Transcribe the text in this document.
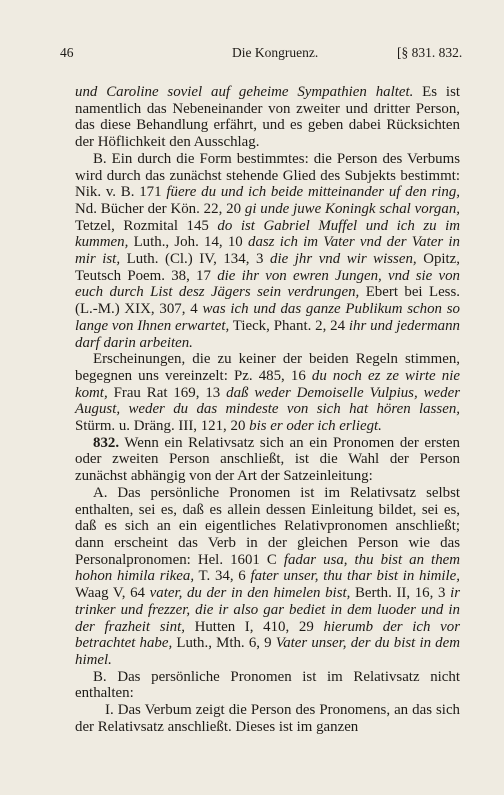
46	Die Kongruenz.	[§ 831. 832.

und Caroline soviel auf geheime Sympathien haltet. Es ist namentlich das Nebeneinander von zweiter und dritter Person, das diese Behandlung erfährt, und es geben dabei Rücksichten der Höflichkeit den Ausschlag.

B. Ein durch die Form bestimmtes: die Person des Verbums wird durch das zunächst stehende Glied des Subjekts bestimmt: Nik. v. B. 171 füere du und ich beide mitteinander uf den ring, Nd. Bücher der Kön. 22, 20 gi unde juwe Koningk schal vorgan, Tetzel, Rozmital 145 do ist Gabriel Muffel und ich zu im kummen, Luth., Joh. 14, 10 dasz ich im Vater vnd der Vater in mir ist, Luth. (Cl.) IV, 134, 3 die jhr vnd wir wissen, Opitz, Teutsch Poem. 38, 17 die ihr von ewren Jungen, vnd sie von euch durch List desz Jägers sein verdrungen, Ebert bei Less. (L.-M.) XIX, 307, 4 was ich und das ganze Publikum schon so lange von Ihnen erwartet, Tieck, Phant. 2, 24 ihr und jedermann darf darin arbeiten.

Erscheinungen, die zu keiner der beiden Regeln stimmen, begegnen uns vereinzelt: Pz. 485, 16 du noch ez ze wirte nie komt, Frau Rat 169, 13 daß weder Demoiselle Vulpius, weder August, weder du das mindeste von sich hat hören lassen, Stürm. u. Dräng. III, 121, 20 bis er oder ich erliegt.

832. Wenn ein Relativsatz sich an ein Pronomen der ersten oder zweiten Person anschließt, ist die Wahl der Person zunächst abhängig von der Art der Satzeinleitung:

A. Das persönliche Pronomen ist im Relativsatz selbst enthalten, sei es, daß es allein dessen Einleitung bildet, sei es, daß es sich an ein eigentliches Relativpronomen anschließt; dann erscheint das Verb in der gleichen Person wie das Personalpronomen: Hel. 1601 C fadar usa, thu bist an them hohon himila rikea, T. 34, 6 fater unser, thu thar bist in himile, Waag V, 64 vater, du der in den himelen bist, Berth. II, 16, 3 ir trinker und frezzer, die ir also gar bediet in dem luoder und in der frazheit sint, Hutten I, 410, 29 hierumb der ich vor betrachtet habe, Luth., Mth. 6, 9 Vater unser, der du bist in dem himel.

B. Das persönliche Pronomen ist im Relativsatz nicht enthalten:

I. Das Verbum zeigt die Person des Pronomens, an das sich der Relativsatz anschließt. Dieses ist im ganzen
